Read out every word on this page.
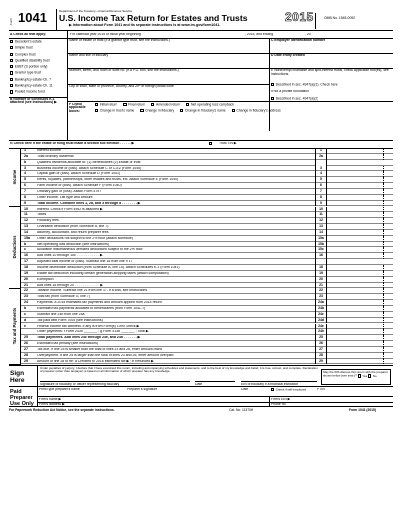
Form 1041	Department of the Treasury—Internal Revenue Service
U.S. Income Tax Return for Estates and Trusts
▶ Information about Form 1041 and its separate instructions is at www.irs.gov/form1041.
2015	OMB No. 1545-0092
A Check all that apply:	For calendar year 2015 or fiscal year beginning	, 2015, and ending	, 20
Decedent's estate
Simple trust
Complex trust
Qualified disability trust
ESBT (S portion only)
Grantor type trust
Bankruptcy estate-Ch. 7
Bankruptcy estate-Ch. 11
Pooled income fund
B Number of Schedules K-1 attached (see instructions) ▶
Name of estate or trust (If a grantor type trust, see the instructions.)
Name and title of fiduciary
Number, street, and room or suite no. (If a P.O. box, see the instructions.)
City or town, state or province, country, and ZIP or foreign postal code
C Employer identification number
D Date entity created
E Nonexempt charitable and split-interest trusts, check applicable box(es), see instructions.
Described in sec. 4947(a)(1). Check here
if not a private foundation
Described in sec. 4947(a)(2)
F Check applicable boxes:
Initial return	Final return	Amended return	Net operating loss carryback
Change in trust's name	Change in fiduciary	Change in fiduciary's name	Change in fiduciary's address
G Check here if the estate or filing trust made a section 645 election . . . . . . ▶	Trust TIN ▶
Income
Deductions
Tax and Payments
1	Interest income	1
2a	Total ordinary dividends	2a
b	Qualified dividends allocable to: (1) Beneficiaries (2) Estate or trust
3	Business income or (loss). Attach Schedule C or C-EZ (Form 1040)	3
4	Capital gain or (loss). Attach Schedule D (Form 1041)	4
5	Rents, royalties, partnerships, other estates and trusts, etc. Attach Schedule E (Form 1040)	5
6	Farm income or (loss). Attach Schedule F (Form 1040)	6
7	Ordinary gain or (loss). Attach Form 4797	7
8	Other income. List type and amount	8
9	Total income. Combine lines 1, 2a, and 3 through 8 . . . . . . . . ▶	9
10	Interest. Check if Form 4952 is attached ▶	10
11	Taxes	11
12	Fiduciary fees	12
13	Charitable deduction (from Schedule A, line 7)	13
14	Attorney, accountant, and return preparer fees	14
15a	Other deductions not subject to the 2% floor (attach schedule)	15a
b	Net operating loss deduction (see instructions)	15b
c	Allowable miscellaneous itemized deductions subject to the 2% floor	15c
16	Add lines 10 through 15c . . . . . . . . . . . . ▶	16
17	Adjusted total income or (loss). Subtract line 16 from line 9 17
18	Income distribution deduction (from Schedule B, line 15). Attach Schedules K-1 (Form 1041)	18
19	Estate tax deduction including certain generation-skipping taxes (attach computation)	19
20	Exemption	20
21	Add lines 18 through 20 . . . . . . . . . . . . . ▶	21
22	Taxable income. Subtract line 21 from line 17. If a loss, see instructions	22
23	Total tax (from Schedule G, line 7)	23
24	Payments: a 2015 estimated tax payments and amount applied from 2014 return	24a
b	Estimated tax payments allocated to beneficiaries (from Form 1041-T)	24b
c	Subtract line 24b from line 24a	24c
d	Tax paid with Form 7004 (see instructions)	24d
e	Federal income tax withheld. If any is from Form(s) 1099, check ▶	24e
Other payments: f Form 2439 _______ ; g Form 4136 _______ ; Total ▶	24h
25	Total payments. Add lines 24c through 24e, and 24h . . . . . . . ▶	25
26	Estimated tax penalty (see instructions)	26
27	Tax due. If line 25 is smaller than the total of lines 23 and 26, enter amount owed	27
28	Overpayment. If line 25 is larger than the total of lines 23 and 26, enter amount overpaid	28
29	Amount of line 28 to be: a Credited to 2016 estimated tax ▶ ; b Refunded ▶	29
Sign Here
Under penalties of perjury, I declare that I have examined this return, including accompanying schedules and statements, and to the best of my knowledge and belief, it is true, correct, and complete. Declaration of preparer (other than taxpayer) is based on all information of which preparer has any knowledge.
Signature of fiduciary or officer representing fiduciary	Date	EIN of fiduciary if a financial institution
May the IRS discuss this return with the preparer shown below (see instr.)? Yes No
Paid Preparer Use Only
Print/Type preparer's name	Preparer's signature	Date	Check if self-employed	PTIN
Firm's name ▶	Firm's EIN ▶
Firm's address ▶	Phone no.
For Paperwork Reduction Act Notice, see the separate instructions.	Cat. No. 11370H	Form 1041 (2015)
